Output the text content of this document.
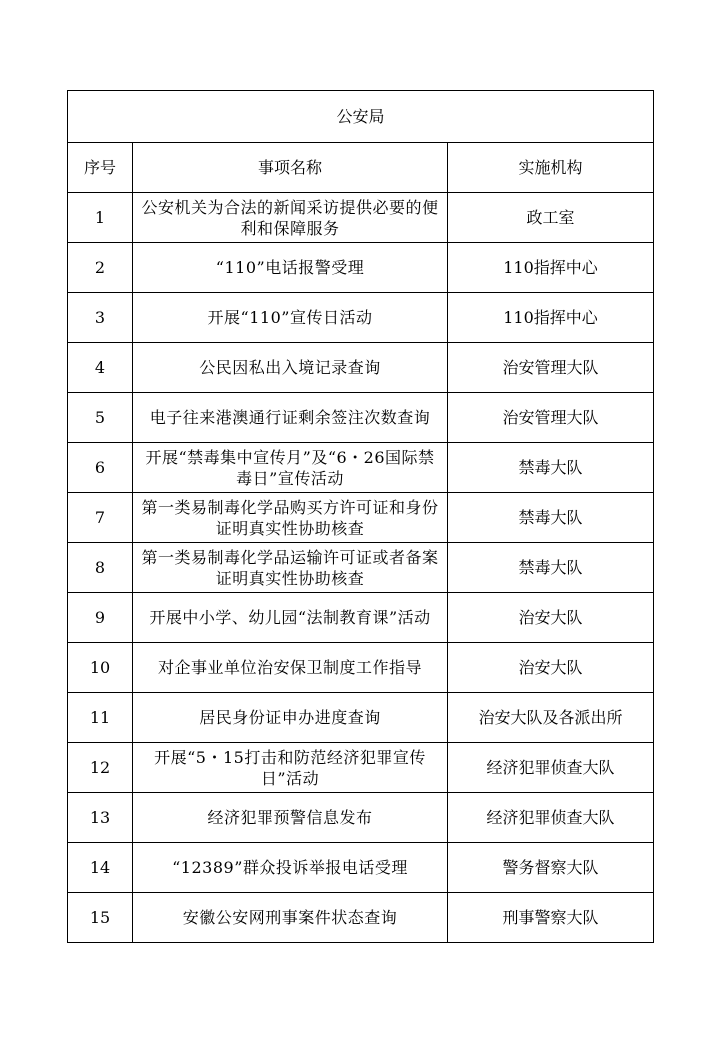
公安局		
序号	事项名称	实施机构
1	公安机关为合法的新闻采访提供必要的便利和保障服务	政工室
2	“110”电话报警受理	110指挥中心
3	开展“110”宣传日活动	110指挥中心
4	公民因私出入境记录查询	治安管理大队
5	电子往来港澳通行证剩余签注次数查询	治安管理大队
6	开展“禁毒集中宣传月”及“6・26国际禁毒日”宣传活动	禁毒大队
7	第一类易制毒化学品购买方许可证和身份证明真实性协助核查	禁毒大队
8	第一类易制毒化学品运输许可证或者备案证明真实性协助核查	禁毒大队
9	开展中小学、幼儿园“法制教育课”活动	治安大队
10	对企事业单位治安保卫制度工作指导	治安大队
11	居民身份证申办进度查询	治安大队及各派出所
12	开展“5・15打击和防范经济犯罪宣传日”活动	经济犯罪侦查大队
13	经济犯罪预警信息发布	经济犯罪侦查大队
14	“12389”群众投诉举报电话受理	警务督察大队
15	安徽公安网刑事案件状态查询	刑事警察大队
